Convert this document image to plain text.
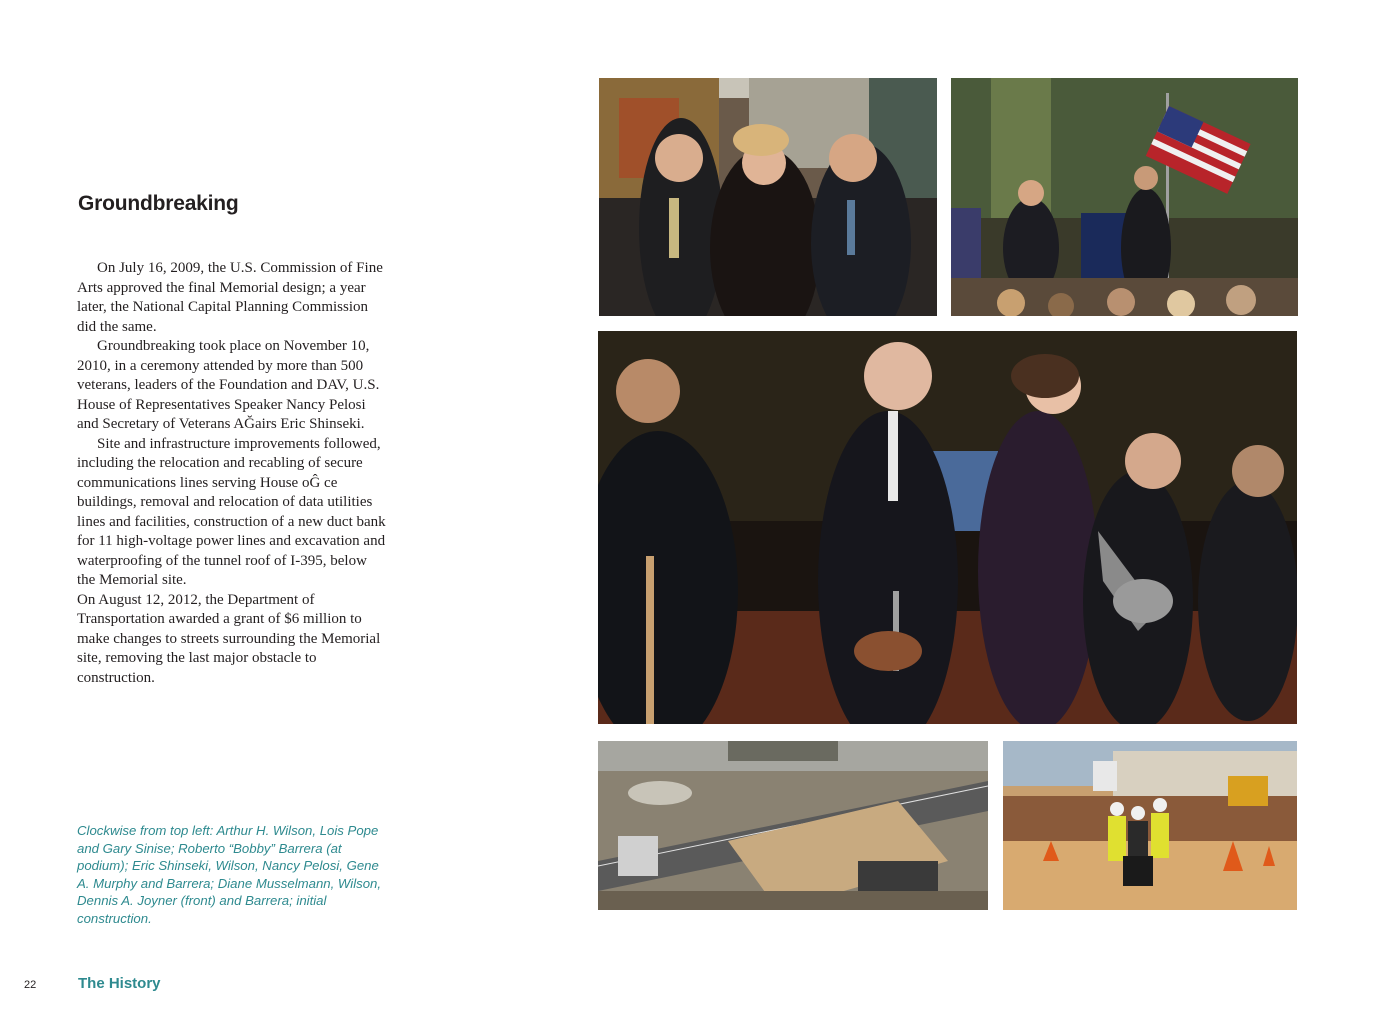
Groundbreaking

On July 16, 2009, the U.S. Commission of Fine Arts approved the final Memorial design; a year later, the National Capital Planning Commission did the same.

Groundbreaking took place on November 10, 2010, in a ceremony attended by more than 500 veterans, leaders of the Foundation and DAV, U.S. House of Representatives Speaker Nancy Pelosi and Secretary of Veterans AĞairs Eric Shinseki.

Site and infrastructure improvements followed, including the relocation and recabling of secure communications lines serving House oĜ ce buildings, removal and relocation of data utilities lines and facilities, construction of a new duct bank for 11 high-voltage power lines and excavation and waterproofing of the tunnel roof of I-395, below the Memorial site.

On August 12, 2012, the Department of Transportation awarded a grant of $6 million to make changes to streets surrounding the Memorial site, removing the last major obstacle to construction.

Clockwise from top left: Arthur H. Wilson, Lois Pope and Gary Sinise; Roberto “Bobby” Barrera (at podium); Eric Shinseki, Wilson, Nancy Pelosi, Gene A. Murphy and Barrera; Diane Musselmann, Wilson, Dennis A. Joyner (front) and Barrera; initial construction.
22	The History
